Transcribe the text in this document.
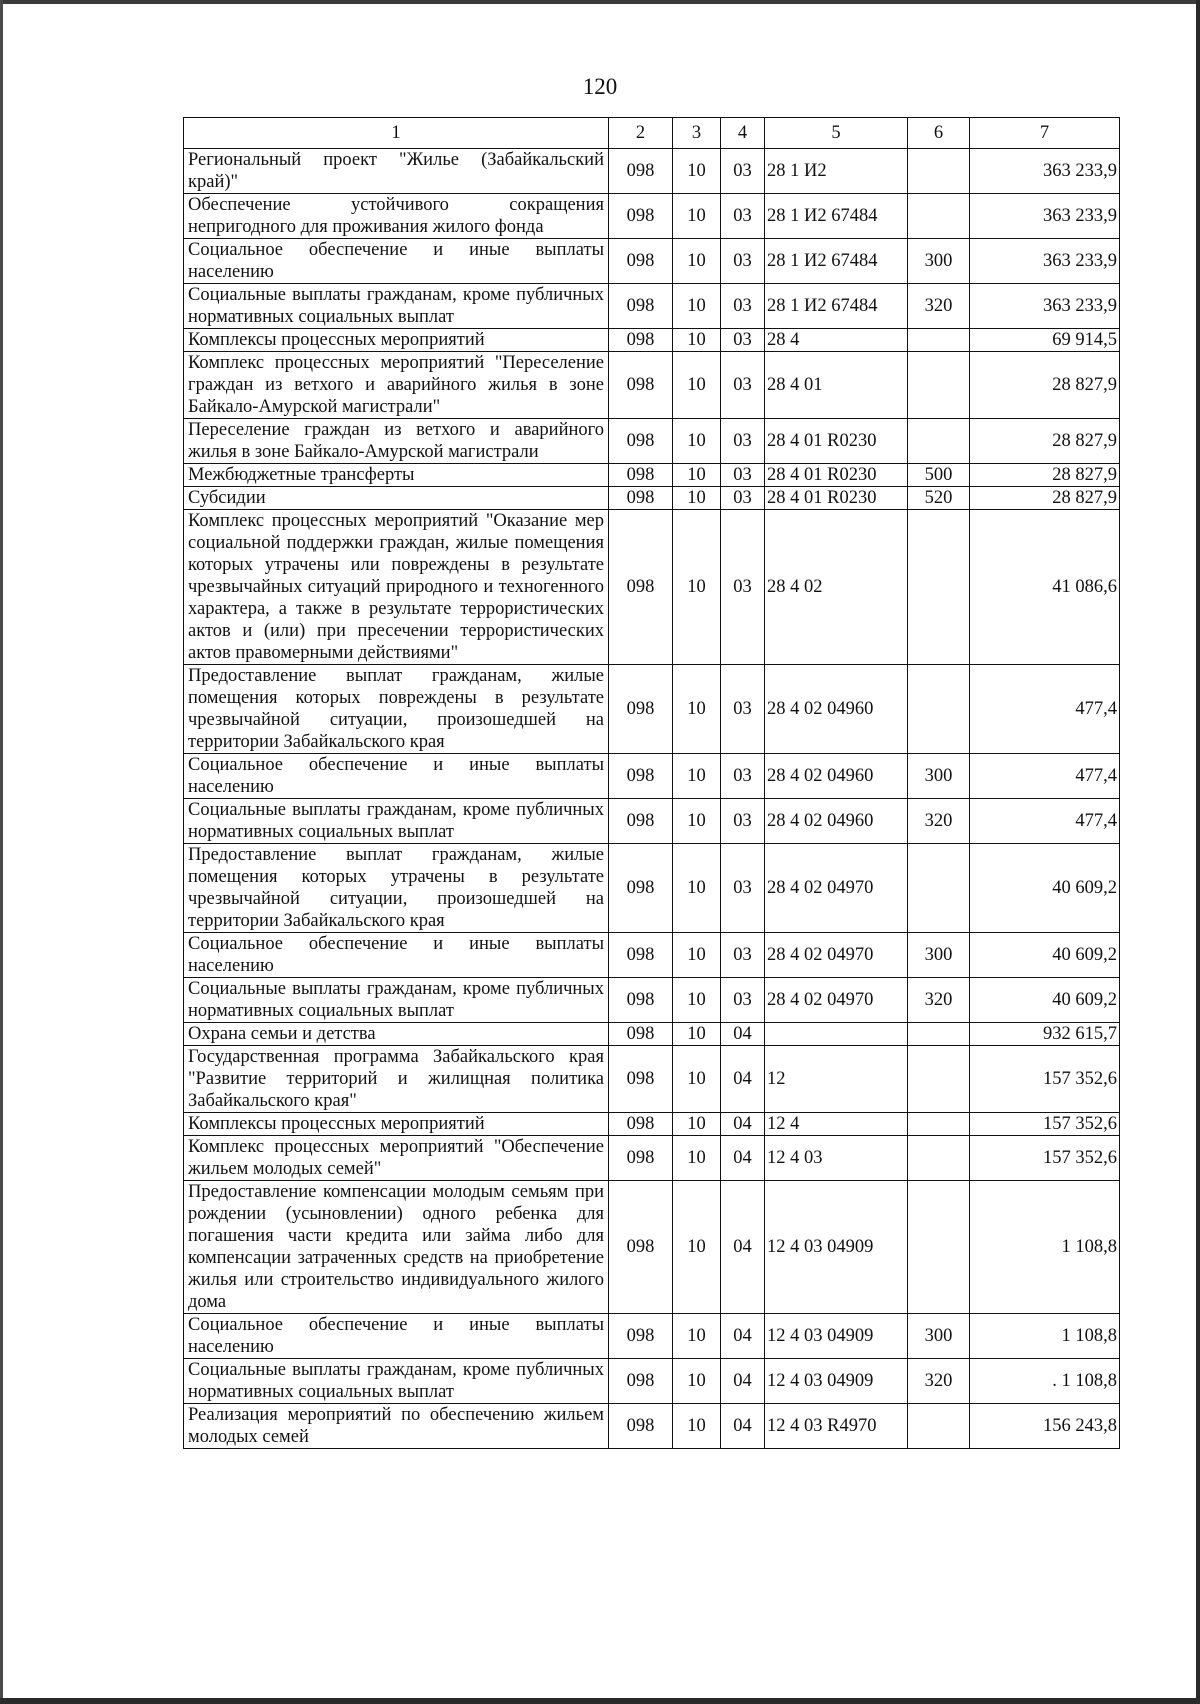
120
1	2	3	4	5	6	7
Региональный проект "Жилье (Забайкальский край)"	098	10	03	28 1 И2		363 233,9
Обеспечение устойчивого сокращения непригодного для проживания жилого фонда	098	10	03	28 1 И2 67484		363 233,9
Социальное обеспечение и иные выплаты населению	098	10	03	28 1 И2 67484	300	363 233,9
Социальные выплаты гражданам, кроме публичных нормативных социальных выплат	098	10	03	28 1 И2 67484	320	363 233,9
Комплексы процессных мероприятий	098	10	03	28 4		69 914,5
Комплекс процессных мероприятий "Переселение граждан из ветхого и аварийного жилья в зоне Байкало-Амурской магистрали"	098	10	03	28 4 01		28 827,9
Переселение граждан из ветхого и аварийного жилья в зоне Байкало-Амурской магистрали	098	10	03	28 4 01 R0230		28 827,9
Межбюджетные трансферты	098	10	03	28 4 01 R0230	500	28 827,9
Субсидии	098	10	03	28 4 01 R0230	520	28 827,9
Комплекс процессных мероприятий "Оказание мер социальной поддержки граждан, жилые помещения которых утрачены или повреждены в результате чрезвычайных ситуаций природного и техногенного характера, а также в результате террористических актов и (или) при пресечении террористических актов правомерными действиями"	098	10	03	28 4 02		41 086,6
Предоставление выплат гражданам, жилые помещения которых повреждены в результате чрезвычайной ситуации, произошедшей на территории Забайкальского края	098	10	03	28 4 02 04960		477,4
Социальное обеспечение и иные выплаты населению	098	10	03	28 4 02 04960	300	477,4
Социальные выплаты гражданам, кроме публичных нормативных социальных выплат	098	10	03	28 4 02 04960	320	477,4
Предоставление выплат гражданам, жилые помещения которых утрачены в результате чрезвычайной ситуации, произошедшей на территории Забайкальского края	098	10	03	28 4 02 04970		40 609,2
Социальное обеспечение и иные выплаты населению	098	10	03	28 4 02 04970	300	40 609,2
Социальные выплаты гражданам, кроме публичных нормативных социальных выплат	098	10	03	28 4 02 04970	320	40 609,2
Охрана семьи и детства	098	10	04			932 615,7
Государственная программа Забайкальского края "Развитие территорий и жилищная политика Забайкальского края"	098	10	04	12		157 352,6
Комплексы процессных мероприятий	098	10	04	12 4		157 352,6
Комплекс процессных мероприятий "Обеспечение жильем молодых семей"	098	10	04	12 4 03		157 352,6
Предоставление компенсации молодым семьям при рождении (усыновлении) одного ребенка для погашения части кредита или займа либо для компенсации затраченных средств на приобретение жилья или строительство индивидуального жилого дома	098	10	04	12 4 03 04909		1 108,8
Социальное обеспечение и иные выплаты населению	098	10	04	12 4 03 04909	300	1 108,8
Социальные выплаты гражданам, кроме публичных нормативных социальных выплат	098	10	04	12 4 03 04909	320	. 1 108,8
Реализация мероприятий по обеспечению жильем молодых семей	098	10	04	12 4 03 R4970		156 243,8
